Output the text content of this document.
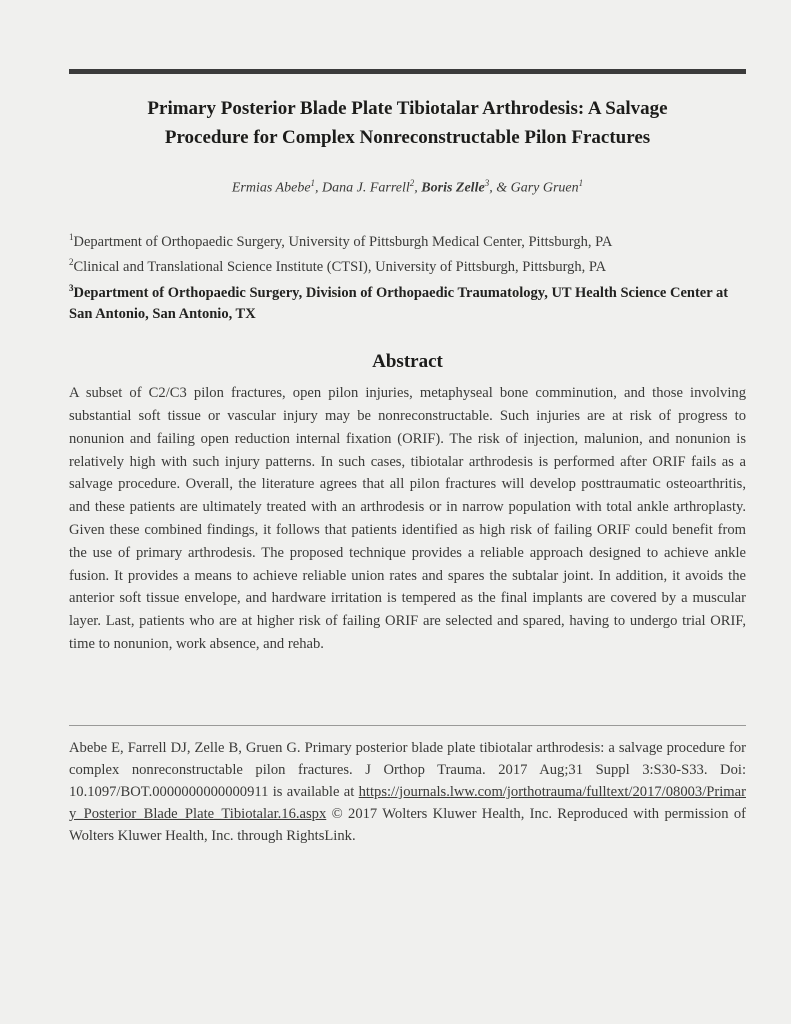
Primary Posterior Blade Plate Tibiotalar Arthrodesis: A Salvage Procedure for Complex Nonreconstructable Pilon Fractures

Ermias Abebe$^1$, Dana J. Farrell$^2$, Boris Zelle$^3$, & Gary Gruen$^1$

$^1$Department of Orthopaedic Surgery, University of Pittsburgh Medical Center, Pittsburgh, PA
$^2$Clinical and Translational Science Institute (CTSI), University of Pittsburgh, Pittsburgh, PA
$^3$Department of Orthopaedic Surgery, Division of Orthopaedic Traumatology, UT Health Science Center at San Antonio, San Antonio, TX
Abstract

A subset of C2/C3 pilon fractures, open pilon injuries, metaphyseal bone comminution, and those involving substantial soft tissue or vascular injury may be nonreconstructable. Such injuries are at risk of progress to nonunion and failing open reduction internal fixation (ORIF). The risk of injection, malunion, and nonunion is relatively high with such injury patterns. In such cases, tibiotalar arthrodesis is performed after ORIF fails as a salvage procedure. Overall, the literature agrees that all pilon fractures will develop posttraumatic osteoarthritis, and these patients are ultimately treated with an arthrodesis or in narrow population with total ankle arthroplasty. Given these combined findings, it follows that patients identified as high risk of failing ORIF could benefit from the use of primary arthrodesis. The proposed technique provides a reliable approach designed to achieve ankle fusion. It provides a means to achieve reliable union rates and spares the subtalar joint. In addition, it avoids the anterior soft tissue envelope, and hardware irritation is tempered as the final implants are covered by a muscular layer. Last, patients who are at higher risk of failing ORIF are selected and spared, having to undergo trial ORIF, time to nonunion, work absence, and rehab.

Abebe E, Farrell DJ, Zelle B, Gruen G. Primary posterior blade plate tibiotalar arthrodesis: a salvage procedure for complex nonreconstructable pilon fractures. J Orthop Trauma. 2017 Aug;31 Suppl 3:S30-S33. Doi: 10.1097/BOT.0000000000000911 is available at https://journals.lww.com/jorthotrauma/fulltext/2017/08003/Primary_Posterior_Blade_Plate_Tibiotalar.16.aspx © 2017 Wolters Kluwer Health, Inc. Reproduced with permission of Wolters Kluwer Health, Inc. through RightsLink.
